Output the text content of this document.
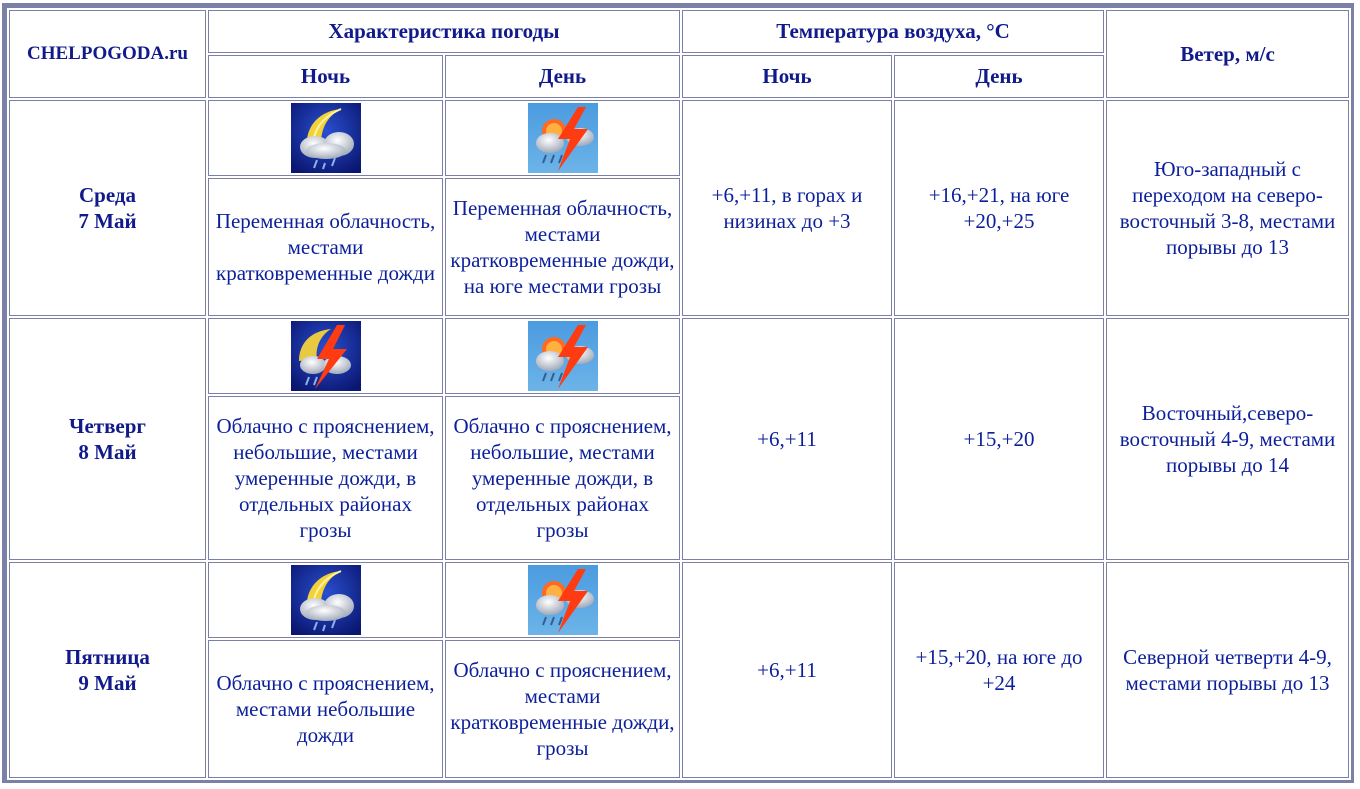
CHELPOGODA.ru	Характеристика погоды		Температура воздуха, °С		Ветер, м/с
	Ночь	День	Ночь	День	
Среда
7 Май			+6,+11, в горах и низинах до +3	+16,+21, на юге +20,+25	Юго-западный с переходом на северо-восточный 3-8, местами порывы до 13
	Переменная облачность, местами кратковременные дожди	Переменная облачность, местами кратковременные дожди, на юге местами грозы			
Четверг
8 Май			+6,+11	+15,+20	Восточный,северо-восточный 4-9, местами порывы до 14
	Облачно с прояснением, небольшие, местами умеренные дожди, в отдельных районах грозы	Облачно с прояснением, небольшие, местами умеренные дожди, в отдельных районах грозы			
Пятница
9 Май			+6,+11	+15,+20, на юге до +24	Северной четверти 4-9, местами порывы до 13
	Облачно с прояснением, местами небольшие дожди	Облачно с прояснением, местами кратковременные дожди, грозы			
